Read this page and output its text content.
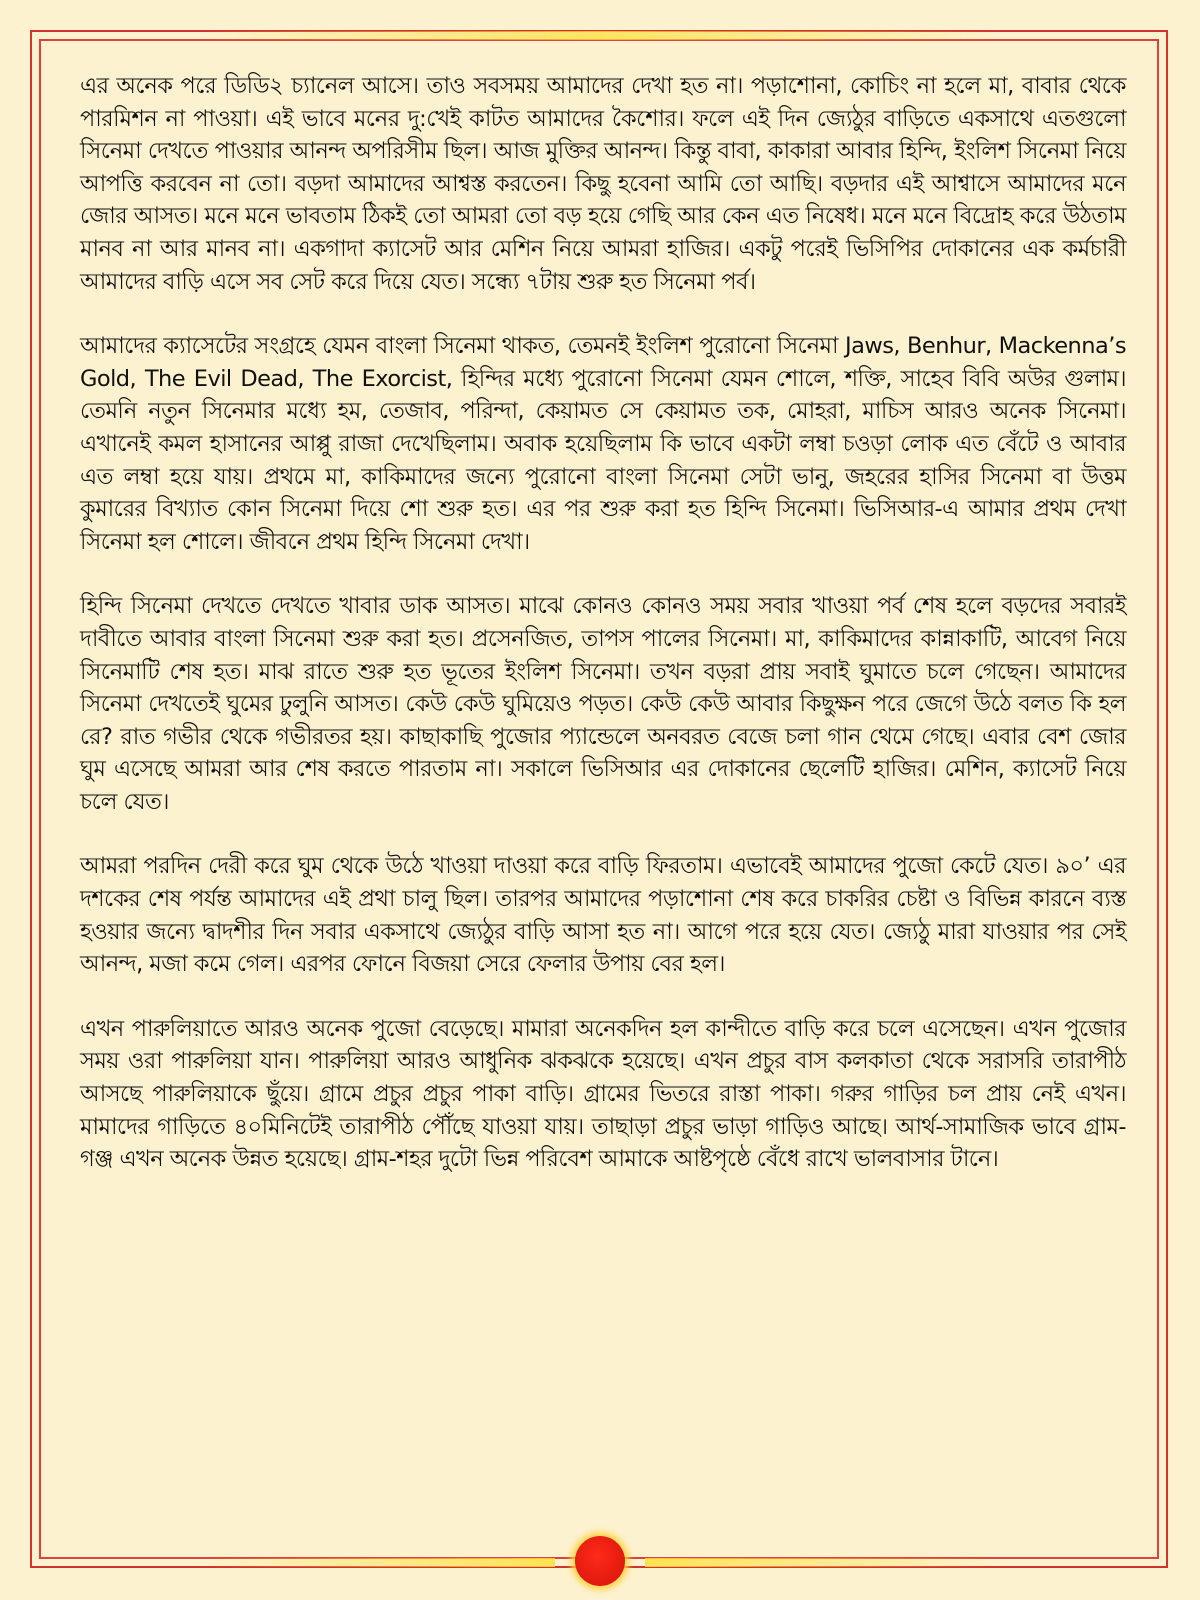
এর অনেক পরে ডিডি২ চ্যানেল আসে। তাও সবসময় আমাদের দেখা হত না। পড়াশোনা, কোচিং না হলে মা, বাবার থেকে পারমিশন না পাওয়া। এই ভাবে মনের দু:খেই কাটত আমাদের কৈশোর। ফলে এই দিন জ্যেঠুর বাড়িতে একসাথে এতগুলো সিনেমা দেখতে পাওয়ার আনন্দ অপরিসীম ছিল। আজ মুক্তির আনন্দ। কিন্তু বাবা, কাকারা আবার হিন্দি, ইংলিশ সিনেমা নিয়ে আপত্তি করবেন না তো। বড়দা আমাদের আশ্বস্ত করতেন। কিছু হবেনা আমি তো আছি। বড়দার এই আশ্বাসে আমাদের মনে জোর আসত। মনে মনে ভাবতাম ঠিকই তো আমরা তো বড় হয়ে গেছি আর কেন এত নিষেধ। মনে মনে বিদ্রোহ করে উঠতাম মানব না আর মানব না। একগাদা ক্যাসেট আর মেশিন নিয়ে আমরা হাজির। একটু পরেই ভিসিপির দোকানের এক কর্মচারী আমাদের বাড়ি এসে সব সেট করে দিয়ে যেত। সন্ধ্যে ৭টায় শুরু হত সিনেমা পর্ব।

আমাদের ক্যাসেটের সংগ্রহে যেমন বাংলা সিনেমা থাকত, তেমনই ইংলিশ পুরোনো সিনেমা Jaws, Benhur, Mackenna’s Gold, The Evil Dead, The Exorcist, হিন্দির মধ্যে পুরোনো সিনেমা যেমন শোলে, শক্তি, সাহেব বিবি অউর গুলাম। তেমনি নতুন সিনেমার মধ্যে হম, তেজাব, পরিন্দা, কেয়ামত সে কেয়ামত তক, মোহরা, মাচিস আরও অনেক সিনেমা। এখানেই কমল হাসানের আপ্পু রাজা দেখেছিলাম। অবাক হয়েছিলাম কি ভাবে একটা লম্বা চওড়া লোক এত বেঁটে ও আবার এত লম্বা হয়ে যায়। প্রথমে মা, কাকিমাদের জন্যে পুরোনো বাংলা সিনেমা সেটা ভানু, জহরের হাসির সিনেমা বা উত্তম কুমারের বিখ্যাত কোন সিনেমা দিয়ে শো শুরু হত। এর পর শুরু করা হত হিন্দি সিনেমা। ভিসিআর-এ আমার প্রথম দেখা সিনেমা হল শোলে। জীবনে প্রথম হিন্দি সিনেমা দেখা।

হিন্দি সিনেমা দেখতে দেখতে খাবার ডাক আসত। মাঝে কোনও কোনও সময় সবার খাওয়া পর্ব শেষ হলে বড়দের সবারই দাবীতে আবার বাংলা সিনেমা শুরু করা হত। প্রসেনজিত, তাপস পালের সিনেমা। মা, কাকিমাদের কান্নাকাটি, আবেগ নিয়ে সিনেমাটি শেষ হত। মাঝ রাতে শুরু হত ভূতের ইংলিশ সিনেমা। তখন বড়রা প্রায় সবাই ঘুমাতে চলে গেছেন। আমাদের সিনেমা দেখতেই ঘুমের ঢুলুনি আসত। কেউ কেউ ঘুমিয়েও পড়ত। কেউ কেউ আবার কিছুক্ষন পরে জেগে উঠে বলত কি হল রে? রাত গভীর থেকে গভীরতর হয়। কাছাকাছি পুজোর প্যান্ডেলে অনবরত বেজে চলা গান থেমে গেছে। এবার বেশ জোর ঘুম এসেছে আমরা আর শেষ করতে পারতাম না। সকালে ভিসিআর এর দোকানের ছেলেটি হাজির। মেশিন, ক্যাসেট নিয়ে চলে যেত।

আমরা পরদিন দেরী করে ঘুম থেকে উঠে খাওয়া দাওয়া করে বাড়ি ফিরতাম। এভাবেই আমাদের পুজো কেটে যেত। ৯০’ এর দশকের শেষ পর্যন্ত আমাদের এই প্রথা চালু ছিল। তারপর আমাদের পড়াশোনা শেষ করে চাকরির চেষ্টা ও বিভিন্ন কারনে ব্যস্ত হওয়ার জন্যে দ্বাদশীর দিন সবার একসাথে জ্যেঠুর বাড়ি আসা হত না। আগে পরে হয়ে যেত। জ্যেঠু মারা যাওয়ার পর সেই আনন্দ, মজা কমে গেল। এরপর ফোনে বিজয়া সেরে ফেলার উপায় বের হল।

এখন পারুলিয়াতে আরও অনেক পুজো বেড়েছে। মামারা অনেকদিন হল কান্দীতে বাড়ি করে চলে এসেছেন। এখন পুজোর সময় ওরা পারুলিয়া যান। পারুলিয়া আরও আধুনিক ঝকঝকে হয়েছে। এখন প্রচুর বাস কলকাতা থেকে সরাসরি তারাপীঠ আসছে পারুলিয়াকে ছুঁয়ে। গ্রামে প্রচুর প্রচুর পাকা বাড়ি। গ্রামের ভিতরে রাস্তা পাকা। গরুর গাড়ির চল প্রায় নেই এখন। মামাদের গাড়িতে ৪০মিনিটেই তারাপীঠ পৌঁছে যাওয়া যায়। তাছাড়া প্রচুর ভাড়া গাড়িও আছে। আর্থ-সামাজিক ভাবে গ্রাম-গঞ্জ এখন অনেক উন্নত হয়েছে। গ্রাম-শহর দুটো ভিন্ন পরিবেশ আমাকে আষ্টপৃষ্ঠে বেঁধে রাখে ভালবাসার টানে।
